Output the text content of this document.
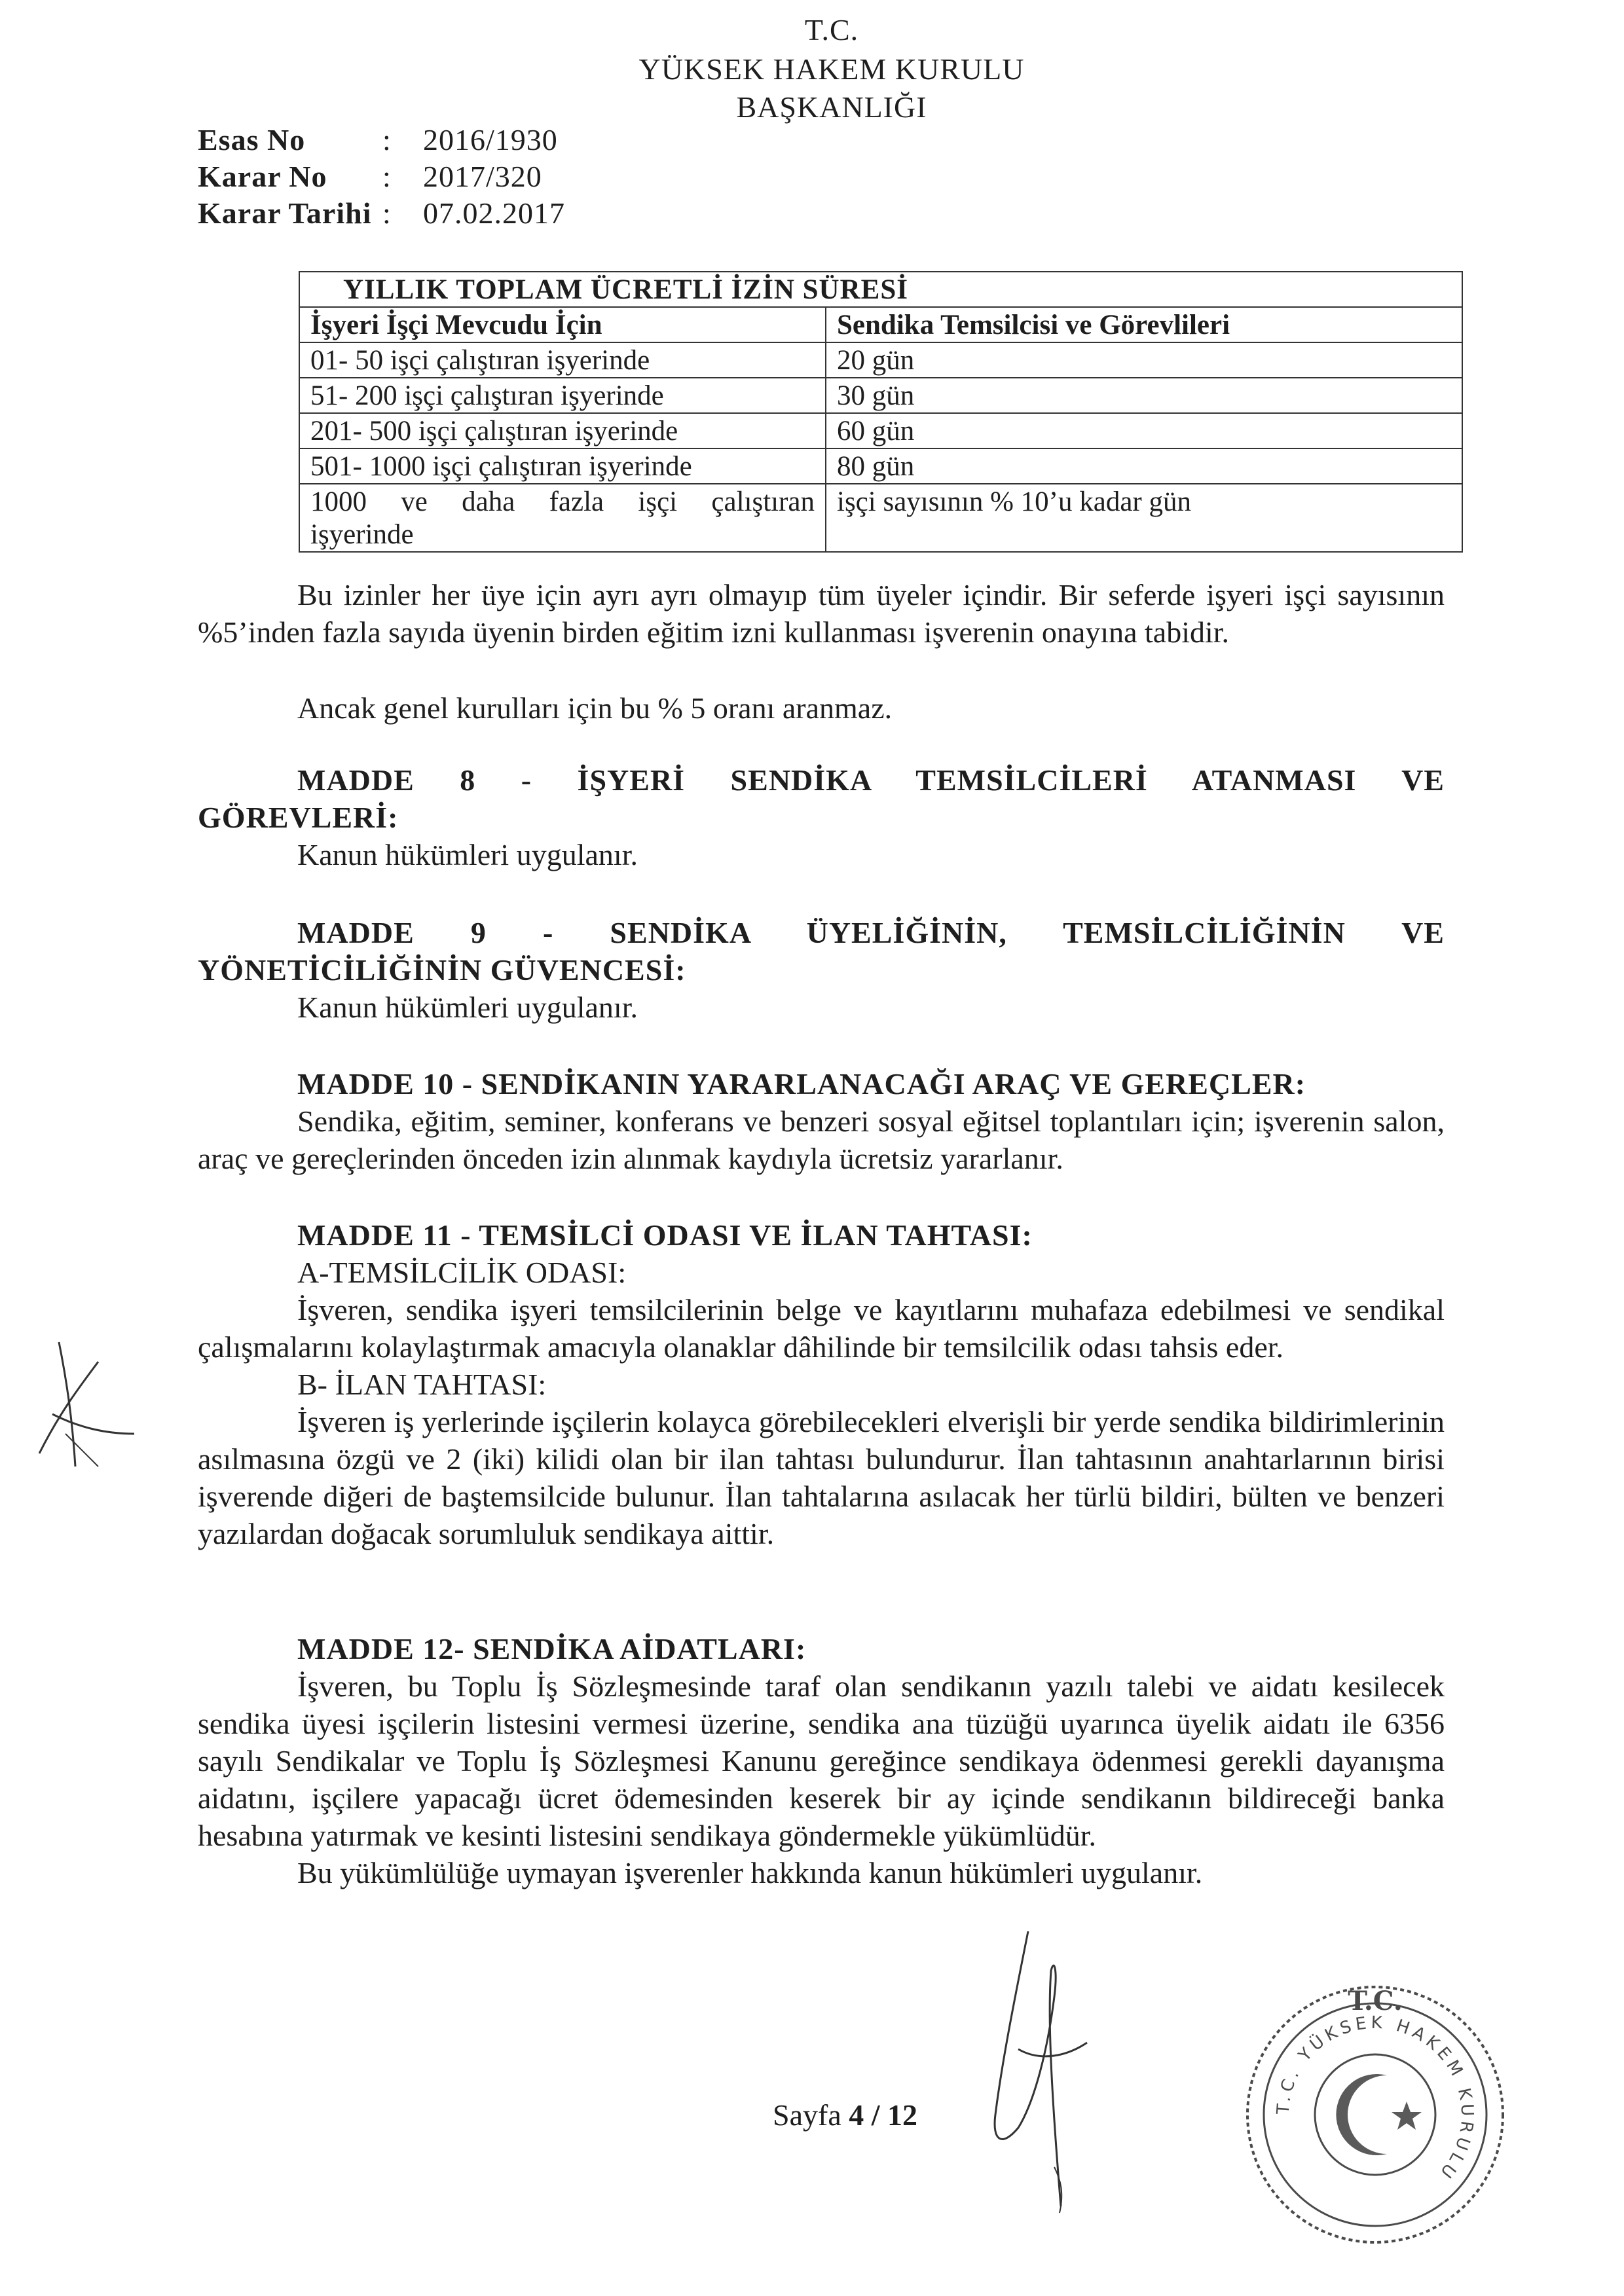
T.C.
YÜKSEK HAKEM KURULU
BAŞKANLIĞI
Esas No	:	2016/1930
Karar No	:	2017/320
Karar Tarihi :	07.02.2017
YILLIK TOPLAM ÜCRETLİ İZİN SÜRESİ	
İşyeri İşçi Mevcudu İçin	Sendika Temsilcisi ve Görevlileri
01- 50 işçi çalıştıran işyerinde	20 gün
51- 200 işçi çalıştıran işyerinde	30 gün
201- 500 işçi çalıştıran işyerinde	60 gün
501- 1000 işçi çalıştıran işyerinde	80 gün

1000 ve daha fazla işçi çalıştıran
işyerinde	işçi sayısının % 10’u kadar gün
Bu izinler her üye için ayrı ayrı olmayıp tüm üyeler içindir. Bir seferde işyeri işçi sayısının %5’inden fazla sayıda üyenin birden eğitim izni kullanması işverenin onayına tabidir.
Ancak genel kurulları için bu % 5 oranı aranmaz.
MADDE 8 - İŞYERİ SENDİKA TEMSİLCİLERİ ATANMASI VE
GÖREVLERİ:
Kanun hükümleri uygulanır.
MADDE 9 - SENDİKA ÜYELİĞİNİN, TEMSİLCİLİĞİNİN VE
YÖNETİCİLİĞİNİN GÜVENCESİ:
Kanun hükümleri uygulanır.
MADDE 10 - SENDİKANIN YARARLANACAĞI ARAÇ VE GEREÇLER:
Sendika, eğitim, seminer, konferans ve benzeri sosyal eğitsel toplantıları için; işverenin salon, araç ve gereçlerinden önceden izin alınmak kaydıyla ücretsiz yararlanır.
MADDE 11 - TEMSİLCİ ODASI VE İLAN TAHTASI:
A-TEMSİLCİLİK ODASI:
İşveren, sendika işyeri temsilcilerinin belge ve kayıtlarını muhafaza edebilmesi ve sendikal çalışmalarını kolaylaştırmak amacıyla olanaklar dâhilinde bir temsilcilik odası tahsis eder.
B- İLAN TAHTASI:
İşveren iş yerlerinde işçilerin kolayca görebilecekleri elverişli bir yerde sendika bildirimlerinin asılmasına özgü ve 2 (iki) kilidi olan bir ilan tahtası bulundurur. İlan tahtasının anahtarlarının birisi işverende diğeri de baştemsilcide bulunur. İlan tahtalarına asılacak her türlü bildiri, bülten ve benzeri yazılardan doğacak sorumluluk sendikaya aittir.
MADDE 12- SENDİKA AİDATLARI:
İşveren, bu Toplu İş Sözleşmesinde taraf olan sendikanın yazılı talebi ve aidatı kesilecek sendika üyesi işçilerin listesini vermesi üzerine, sendika ana tüzüğü uyarınca üyelik aidatı ile 6356 sayılı Sendikalar ve Toplu İş Sözleşmesi Kanunu gereğince sendikaya ödenmesi gerekli dayanışma aidatını, işçilere yapacağı ücret ödemesinden keserek bir ay içinde sendikanın bildireceği banka hesabına yatırmak ve kesinti listesini sendikaya göndermekle yükümlüdür.
Bu yükümlülüğe uymayan işverenler hakkında kanun hükümleri uygulanır.
T.C. YÜKSEK HAKEM KURULU
T.C.
Sayfa 4 / 12
